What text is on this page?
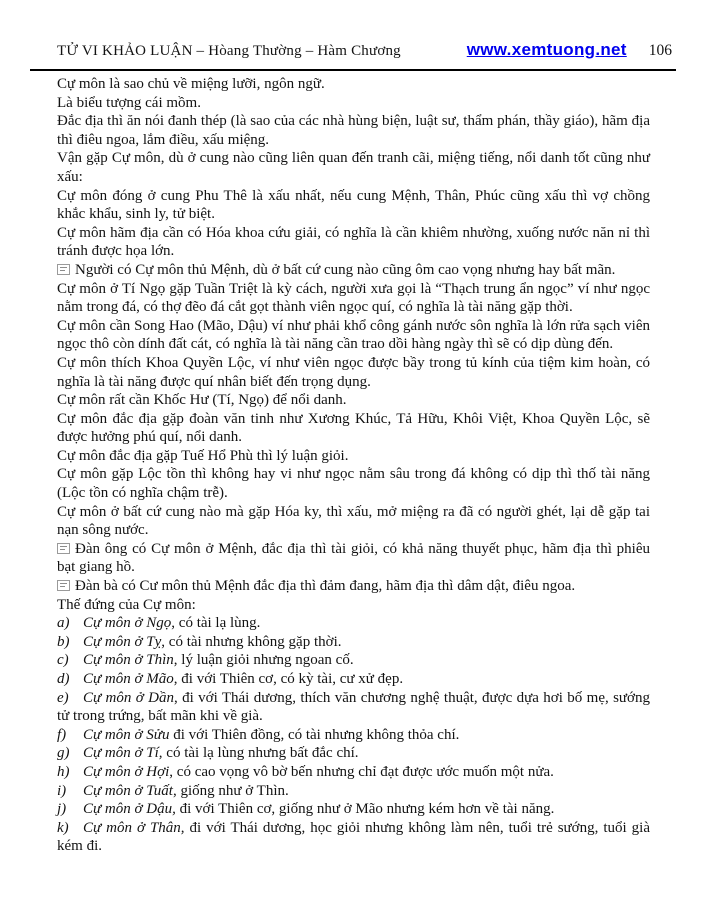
TỬ VI KHẢO LUẬN – Hòang Thường – Hàm Chương	www.xemtuong.net 106

Cự môn là sao chủ về miệng lưỡi, ngôn ngữ.

Là biểu tượng cái mồm.

Đắc địa thì ăn nói đanh thép (là sao của các nhà hùng biện, luật sư, thẩm phán, thầy giáo), hãm địa thì điêu ngoa, lắm điều, xấu miệng.

Vận gặp Cự môn, dù ở cung nào cũng liên quan đến tranh cãi, miệng tiếng, nổi danh tốt cũng như xấu:

Cự môn đóng ở cung Phu Thê là xấu nhất, nếu cung Mệnh, Thân, Phúc cũng xấu thì vợ chồng khắc khẩu, sinh ly, tử biệt.

Cự môn hãm địa cần có Hóa khoa cứu giải, có nghĩa là cần khiêm nhường, xuống nước năn nỉ thì tránh được họa lớn.

Người có Cự môn thủ Mệnh, dù ở bất cứ cung nào cũng ôm cao vọng nhưng hay bất mãn.

Cự môn ở Tí Ngọ gặp Tuần Triệt là kỳ cách, người xưa gọi là “Thạch trung ẩn ngọc” ví như ngọc nằm trong đá, có thợ đẽo đá cắt gọt thành viên ngọc quí, có nghĩa là tài năng gặp thời.

Cự môn cần Song Hao (Mão, Dậu) ví như phải khổ công gánh nước sôn nghĩa là lớn rửa sạch viên ngọc thô còn dính đất cát, có nghĩa là tài năng cần trao dồi hàng ngày thì sẽ có dịp dùng đến.

Cự môn thích Khoa Quyền Lộc, ví như viên ngọc được bầy trong tủ kính của tiệm kim hoàn, có nghĩa là tài năng được quí nhân biết đến trọng dụng.

Cự môn rất cần Khốc Hư (Tí, Ngọ) để nổi danh.

Cự môn đắc địa gặp đoàn văn tinh như Xương Khúc, Tả Hữu, Khôi Việt, Khoa Quyền Lộc, sẽ được hưởng phú quí, nổi danh.

Cự môn đắc địa gặp Tuế Hổ Phù thì lý luận giỏi.

Cự môn gặp Lộc tồn thì không hay vi như ngọc nằm sâu trong đá không có dịp thì thố tài năng (Lộc tồn có nghĩa chậm trễ).

Cự môn ở bất cứ cung nào mà gặp Hóa ky, thì xấu, mở miệng ra đã có người ghét, lại dễ gặp tai nạn sông nước.

Đàn ông có Cự môn ở Mệnh, đắc địa thì tài giỏi, có khả năng thuyết phục, hãm địa thì phiêu bạt giang hồ.

Đàn bà có Cư môn thủ Mệnh đắc địa thì đảm đang, hãm địa thì dâm dật, điêu ngoa.

Thế đứng của Cự môn:

a) Cự môn ở Ngọ, có tài lạ lùng.

b) Cự môn ở Tỵ, có tài nhưng không gặp thời.

c) Cự môn ở Thìn, lý luận giỏi nhưng ngoan cố.

d) Cự môn ở Mão, đi với Thiên cơ, có kỳ tài, cư xử đẹp.

e) Cự môn ở Dần, đi với Thái dương, thích văn chương nghệ thuật, được dựa hơi bố mẹ, sướng tử trong trứng, bất mãn khi về già.

f) Cự môn ở Sửu đi với Thiên đồng, có tài nhưng không thỏa chí.

g) Cự môn ở Tí, có tài lạ lùng nhưng bất đắc chí.

h) Cự môn ở Hợi, có cao vọng vô bờ bến nhưng chỉ đạt được ước muốn một nửa.

i) Cự môn ở Tuất, giống như ở Thìn.

j) Cự môn ở Dậu, đi với Thiên cơ, giống như ở Mão nhưng kém hơn về tài năng.

k) Cự môn ở Thân, đi với Thái dương, học giỏi nhưng không làm nên, tuổi trẻ sướng, tuổi già kém đi.
